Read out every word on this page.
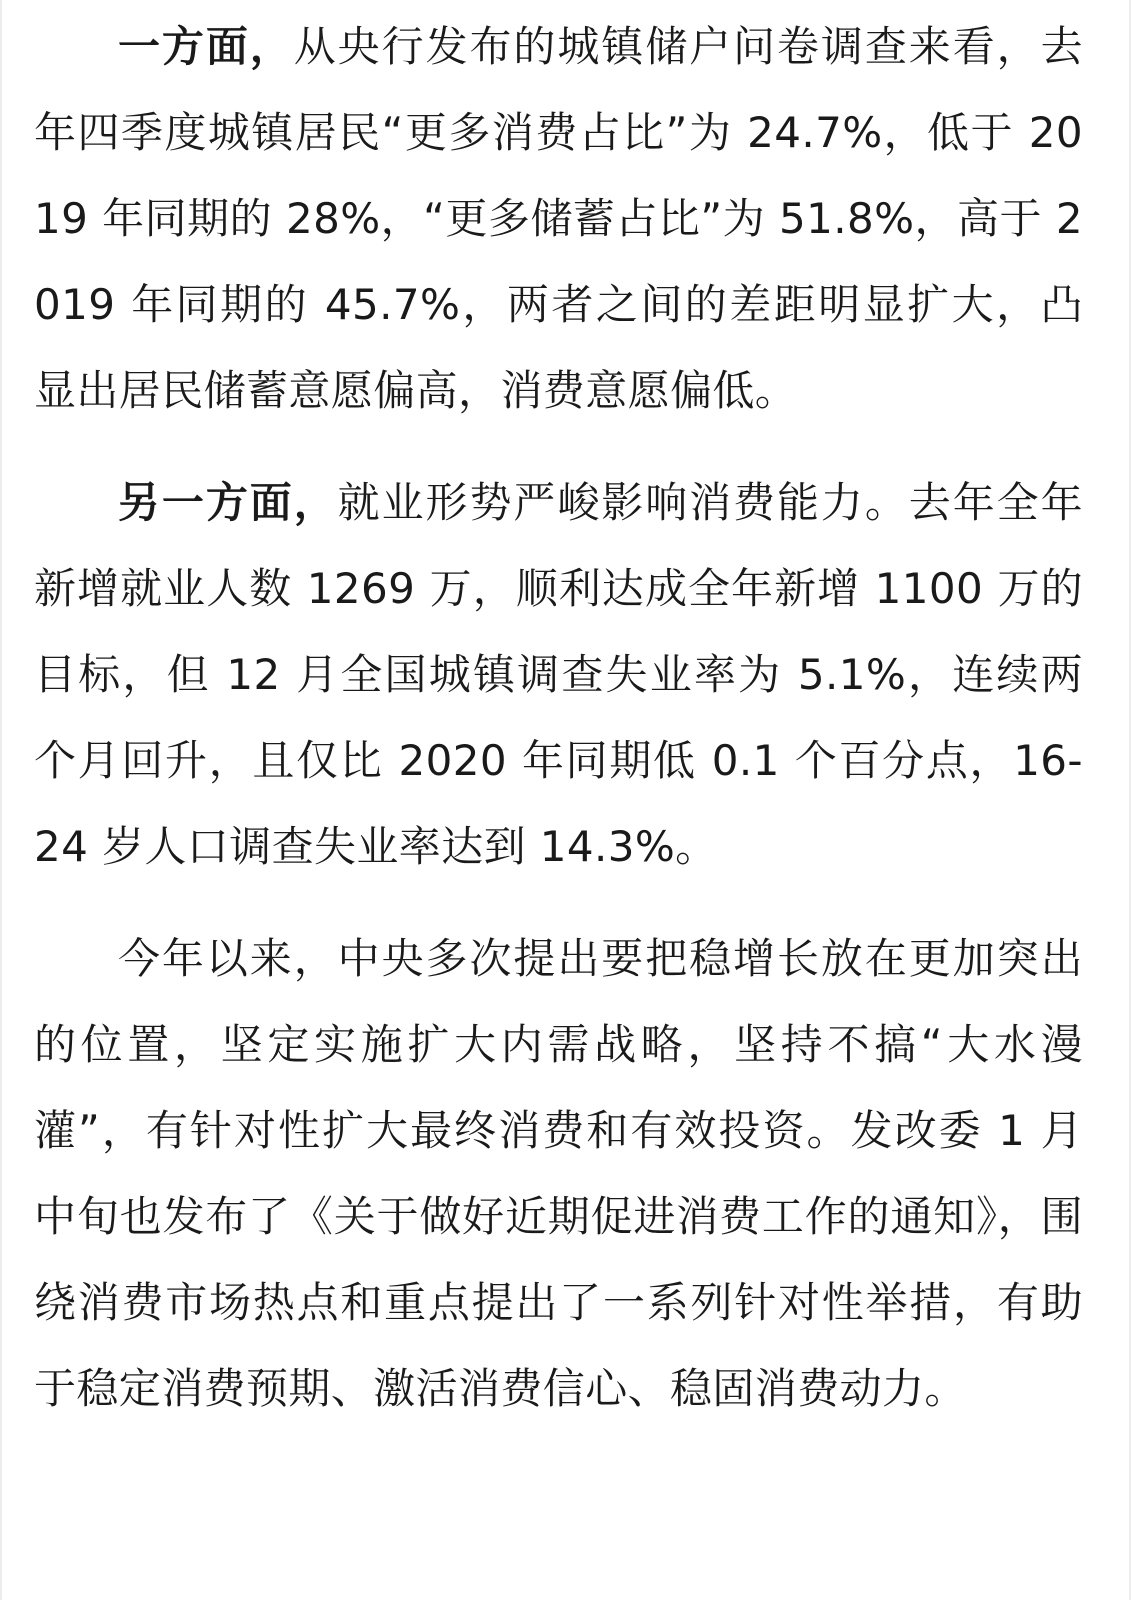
一方面，从央行发布的城镇储户问卷调查来看，去年四季度城镇居民“更多消费占比”为 24.7%，低于 2019 年同期的 28%，“更多储蓄占比”为 51.8%，高于 2019 年同期的 45.7%，两者之间的差距明显扩大，凸显出居民储蓄意愿偏高，消费意愿偏低。

另一方面，就业形势严峻影响消费能力。去年全年新增就业人数 1269 万，顺利达成全年新增 1100 万的目标，但 12 月全国城镇调查失业率为 5.1%，连续两个月回升，且仅比 2020 年同期低 0.1 个百分点，16-24 岁人口调查失业率达到 14.3%。

今年以来，中央多次提出要把稳增长放在更加突出的位置，坚定实施扩大内需战略，坚持不搞“大水漫灌”，有针对性扩大最终消费和有效投资。发改委 1 月中旬也发布了《关于做好近期促进消费工作的通知》，围绕消费市场热点和重点提出了一系列针对性举措，有助于稳定消费预期、激活消费信心、稳固消费动力。
